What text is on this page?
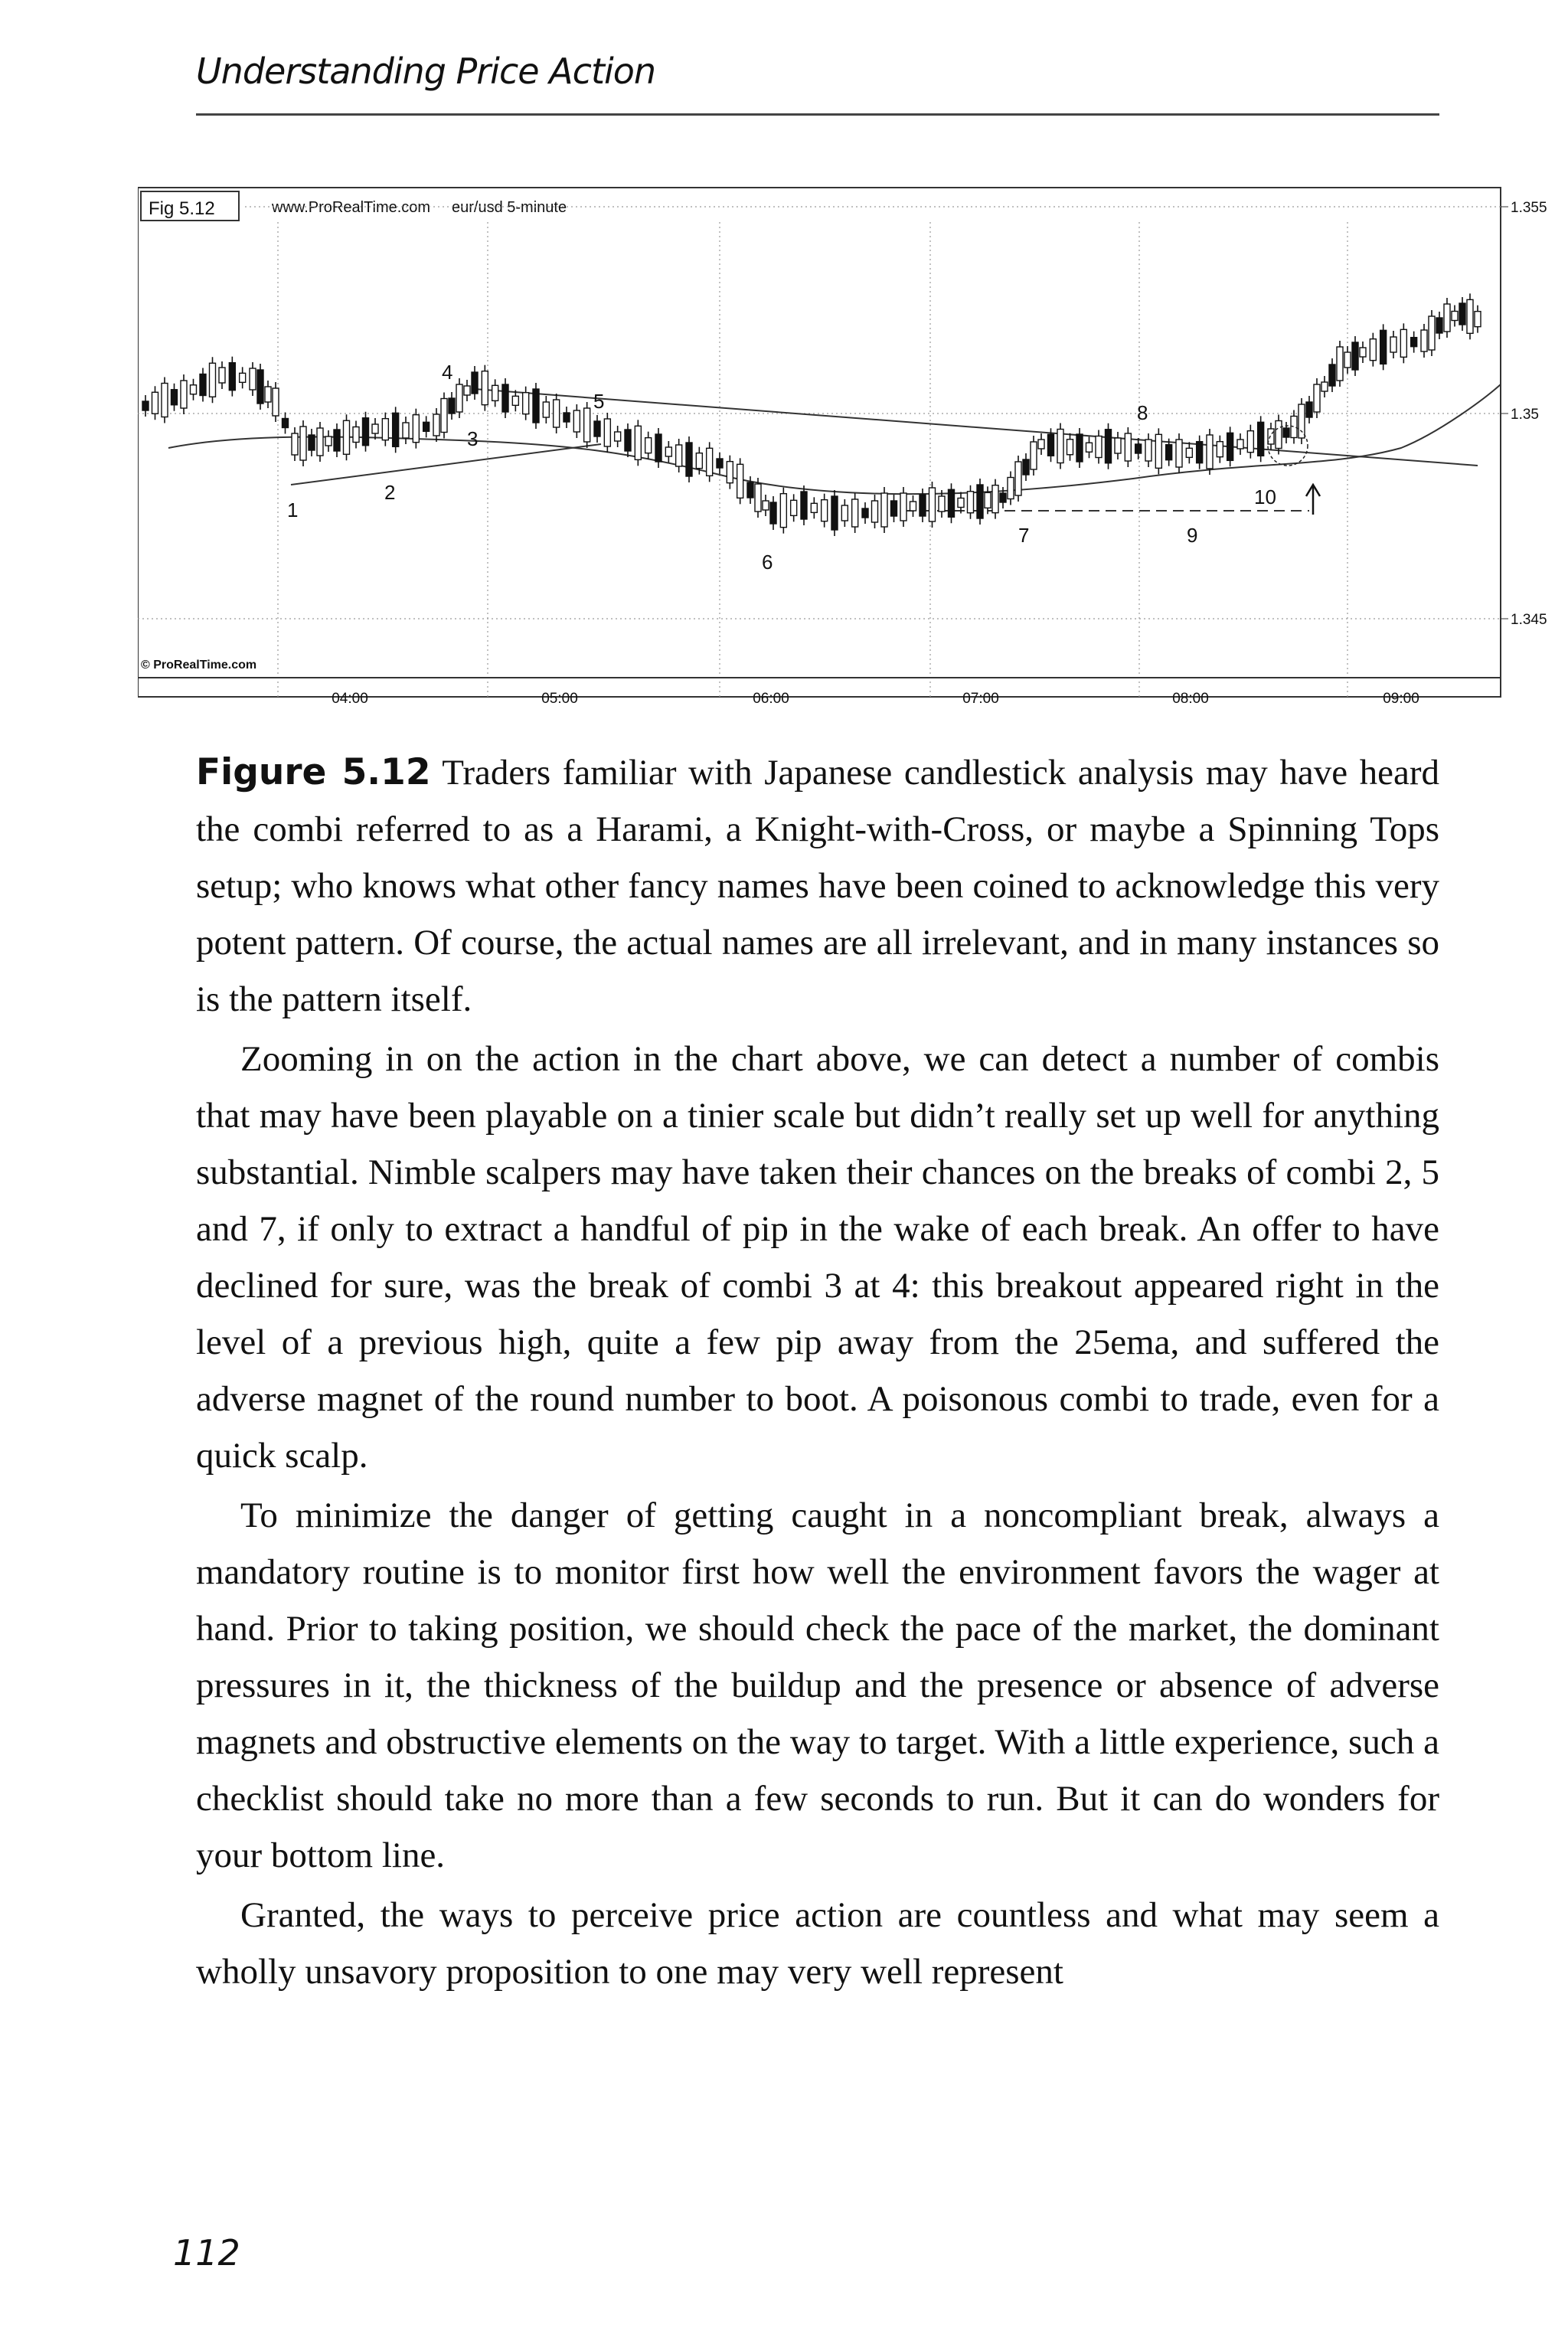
Understanding Price Action
Fig 5.12	www.ProRealTime.com eur/usd 5-minute	1.355
1.35
1.345
© ProRealTime.com
04:00	05:00	06:00	07:00	08:00	09:00
1
2
3
4
5
6
7
8
9
10

Figure 5.12 Traders familiar with Japanese candlestick analysis may have heard the combi referred to as a Harami, a Knight-with-Cross, or maybe a Spinning Tops setup; who knows what other fancy names have been coined to acknowledge this very potent pattern. Of course, the actual names are all irrelevant, and in many instances so is the pattern itself.

Zooming in on the action in the chart above, we can detect a number of combis that may have been playable on a tinier scale but didn’t really set up well for anything substantial. Nimble scalpers may have taken their chances on the breaks of combi 2, 5 and 7, if only to extract a handful of pip in the wake of each break. An offer to have declined for sure, was the break of combi 3 at 4: this breakout appeared right in the level of a previous high, quite a few pip away from the 25ema, and suffered the adverse magnet of the round number to boot. A poisonous combi to trade, even for a quick scalp.

To minimize the danger of getting caught in a noncompliant break, always a mandatory routine is to monitor first how well the environment favors the wager at hand. Prior to taking position, we should check the pace of the market, the dominant pressures in it, the thickness of the buildup and the presence or absence of adverse magnets and obstructive elements on the way to target. With a little experience, such a checklist should take no more than a few seconds to run. But it can do wonders for your bottom line.

Granted, the ways to perceive price action are countless and what may seem a wholly unsavory proposition to one may very well represent

112
